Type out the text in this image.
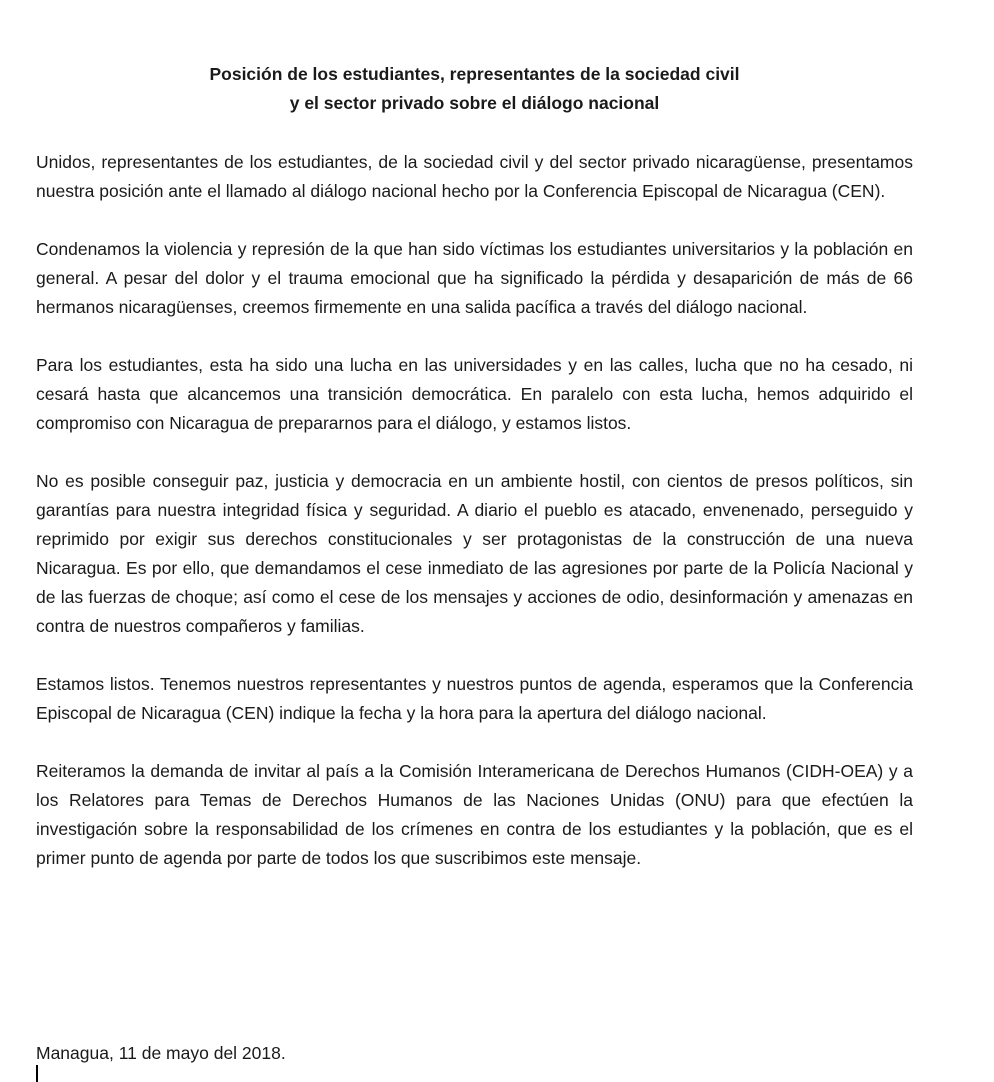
Posición de los estudiantes, representantes de la sociedad civil
y el sector privado sobre el diálogo nacional

Unidos, representantes de los estudiantes, de la sociedad civil y del sector privado nicaragüense, presentamos nuestra posición ante el llamado al diálogo nacional hecho por la Conferencia Episcopal de Nicaragua (CEN).

Condenamos la violencia y represión de la que han sido víctimas los estudiantes universitarios y la población en general. A pesar del dolor y el trauma emocional que ha significado la pérdida y desaparición de más de 66 hermanos nicaragüenses, creemos firmemente en una salida pacífica a través del diálogo nacional.

Para los estudiantes, esta ha sido una lucha en las universidades y en las calles, lucha que no ha cesado, ni cesará hasta que alcancemos una transición democrática. En paralelo con esta lucha, hemos adquirido el compromiso con Nicaragua de prepararnos para el diálogo, y estamos listos.

No es posible conseguir paz, justicia y democracia en un ambiente hostil, con cientos de presos políticos, sin garantías para nuestra integridad física y seguridad. A diario el pueblo es atacado, envenenado, perseguido y reprimido por exigir sus derechos constitucionales y ser protagonistas de la construcción de una nueva Nicaragua. Es por ello, que demandamos el cese inmediato de las agresiones por parte de la Policía Nacional y de las fuerzas de choque; así como el cese de los mensajes y acciones de odio, desinformación y amenazas en contra de nuestros compañeros y familias.

Estamos listos. Tenemos nuestros representantes y nuestros puntos de agenda, esperamos que la Conferencia Episcopal de Nicaragua (CEN) indique la fecha y la hora para la apertura del diálogo nacional.

Reiteramos la demanda de invitar al país a la Comisión Interamericana de Derechos Humanos (CIDH-OEA) y a los Relatores para Temas de Derechos Humanos de las Naciones Unidas (ONU) para que efectúen la investigación sobre la responsabilidad de los crímenes en contra de los estudiantes y la población, que es el primer punto de agenda por parte de todos los que suscribimos este mensaje.

Managua, 11 de mayo del 2018.
